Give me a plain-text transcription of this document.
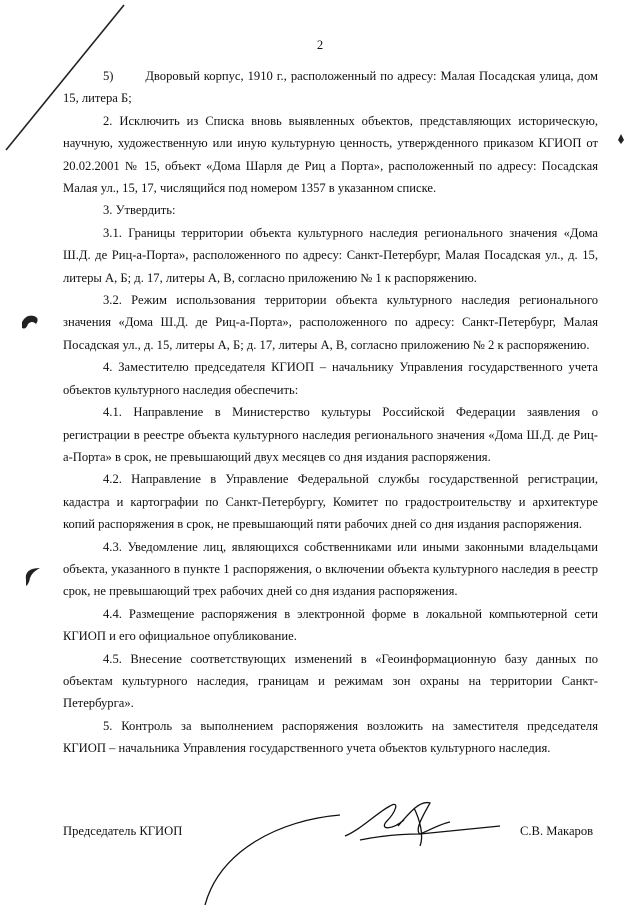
2

5)        Дворовый корпус, 1910 г., расположенный по адресу: Малая Посадская улица, дом 15, литера Б;

2. Исключить из Списка вновь выявленных объектов, представляющих историческую, научную, художественную или иную культурную ценность, утвержденного приказом КГИОП от 20.02.2001 № 15, объект «Дома Шарля де Риц а Порта», расположенный по адресу: Посадская Малая ул., 15, 17, числящийся под номером 1357 в указанном списке.

3. Утвердить:

3.1. Границы территории объекта культурного наследия регионального значения «Дома Ш.Д. де Риц-а-Порта», расположенного по адресу: Санкт-Петербург, Малая Посадская ул., д. 15, литеры А, Б; д. 17, литеры А, В, согласно приложению № 1 к распоряжению.

3.2. Режим использования территории объекта культурного наследия регионального значения «Дома Ш.Д. де Риц-а-Порта», расположенного по адресу: Санкт-Петербург, Малая Посадская ул., д. 15, литеры А, Б; д. 17, литеры А, В, согласно приложению № 2 к распоряжению.

4. Заместителю председателя КГИОП – начальнику Управления государственного учета объектов культурного наследия обеспечить:

4.1. Направление в Министерство культуры Российской Федерации заявления о регистрации в реестре объекта культурного наследия регионального значения «Дома Ш.Д. де Риц-а-Порта» в срок, не превышающий двух месяцев со дня издания распоряжения.

4.2. Направление в Управление Федеральной службы государственной регистрации, кадастра и картографии по Санкт-Петербургу, Комитет по градостроительству и архитектуре копий распоряжения в срок, не превышающий пяти рабочих дней со дня издания распоряжения.

4.3. Уведомление лиц, являющихся собственниками или иными законными владельцами объекта, указанного в пункте 1 распоряжения, о включении объекта культурного наследия в реестр срок, не превышающий трех рабочих дней со дня издания распоряжения.

4.4. Размещение распоряжения в электронной форме в локальной компьютерной сети КГИОП и его официальное опубликование.

4.5. Внесение соответствующих изменений в «Геоинформационную базу данных по объектам культурного наследия, границам и режимам зон охраны на территории Санкт-Петербурга».

5. Контроль за выполнением распоряжения возложить на заместителя председателя КГИОП – начальника Управления государственного учета объектов культурного наследия.

Председатель КГИОП	С.В. Макаров
